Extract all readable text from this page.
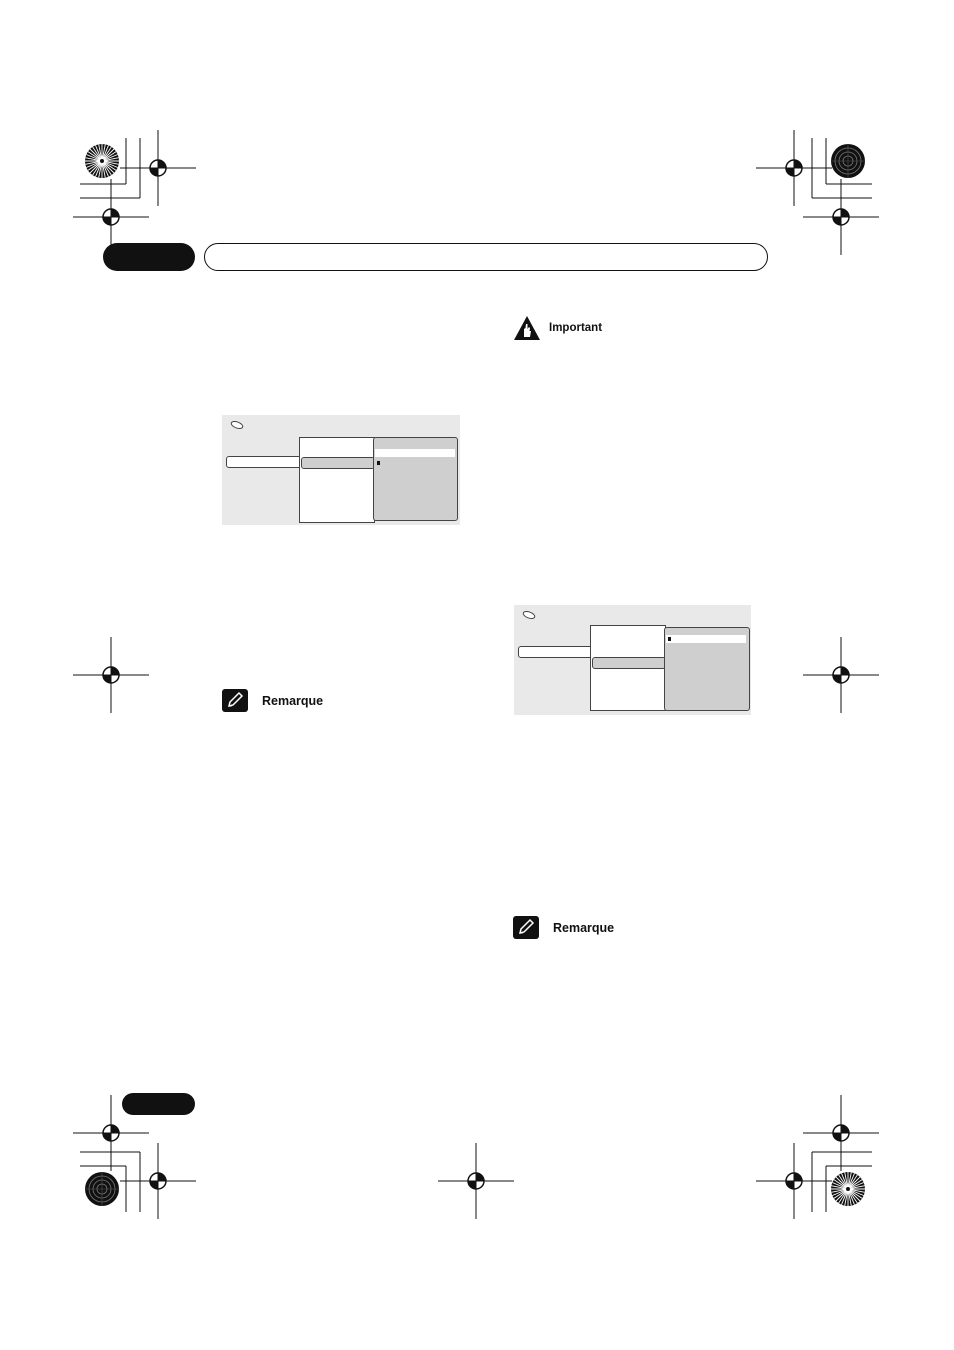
Important
Remarque
Remarque
